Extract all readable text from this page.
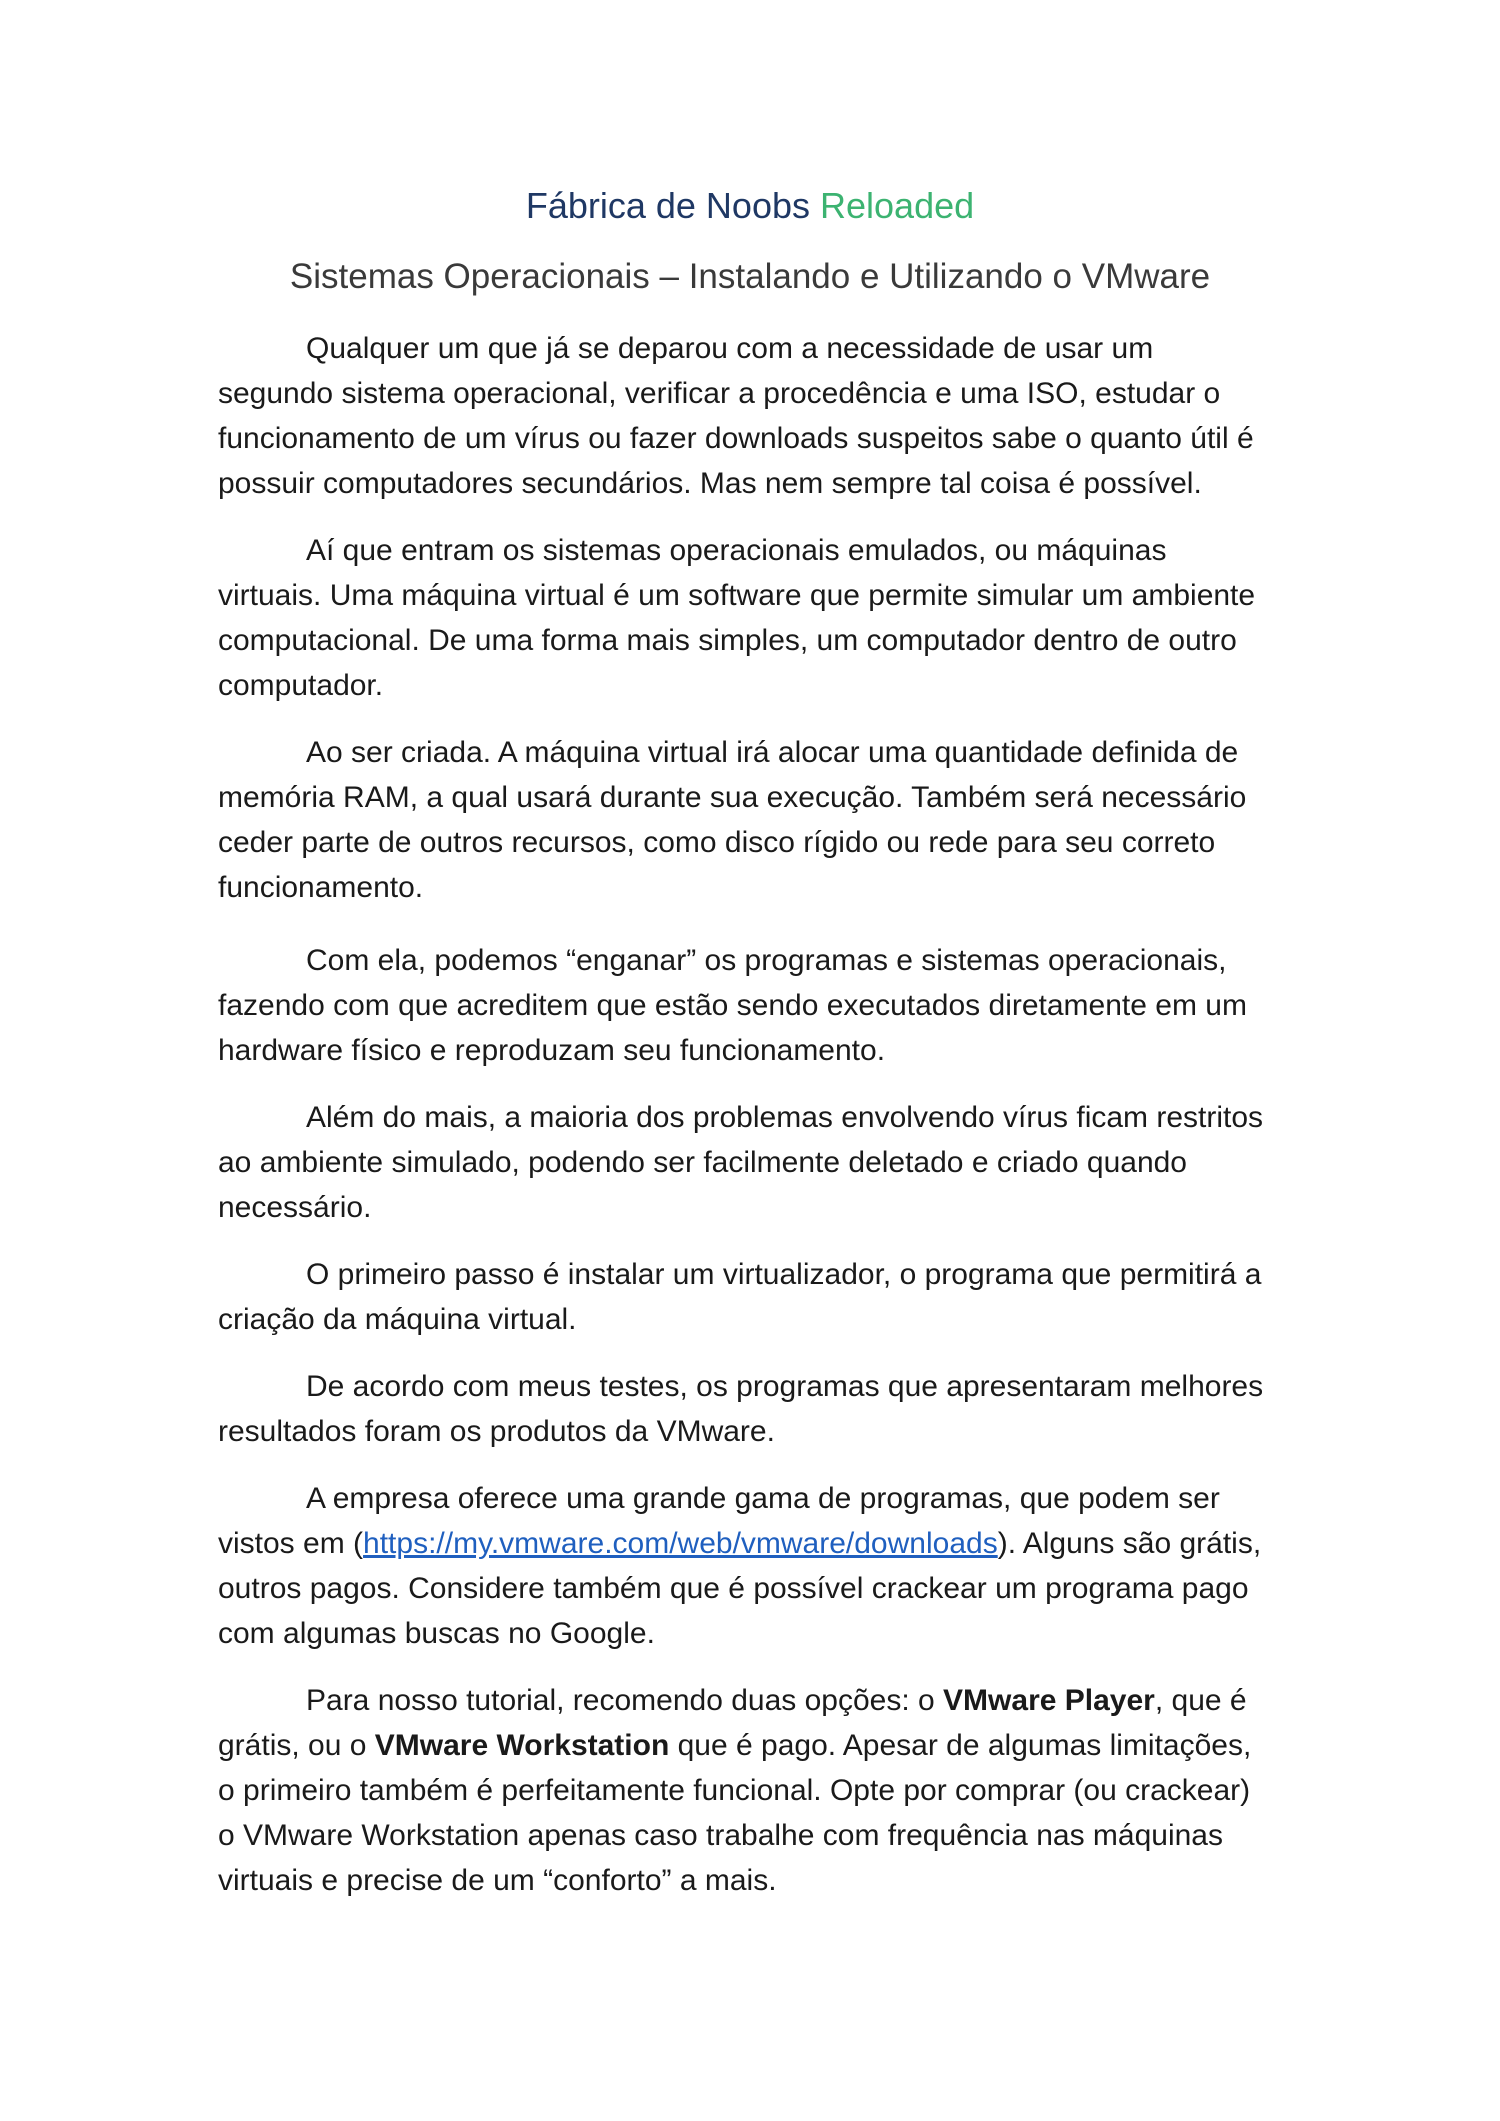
Fábrica de Noobs Reloaded
Sistemas Operacionais – Instalando e Utilizando o VMware

Qualquer um que já se deparou com a necessidade de usar um segundo sistema operacional, verificar a procedência e uma ISO, estudar o funcionamento de um vírus ou fazer downloads suspeitos sabe o quanto útil é possuir computadores secundários. Mas nem sempre tal coisa é possível.

Aí que entram os sistemas operacionais emulados, ou máquinas virtuais. Uma máquina virtual é um software que permite simular um ambiente computacional. De uma forma mais simples, um computador dentro de outro computador.

Ao ser criada. A máquina virtual irá alocar uma quantidade definida de memória RAM, a qual usará durante sua execução. Também será necessário ceder parte de outros recursos, como disco rígido ou rede para seu correto funcionamento.

Com ela, podemos “enganar” os programas e sistemas operacionais, fazendo com que acreditem que estão sendo executados diretamente em um hardware físico e reproduzam seu funcionamento.

Além do mais, a maioria dos problemas envolvendo vírus ficam restritos ao ambiente simulado, podendo ser facilmente deletado e criado quando necessário.

O primeiro passo é instalar um virtualizador, o programa que permitirá a criação da máquina virtual.

De acordo com meus testes, os programas que apresentaram melhores resultados foram os produtos da VMware.

A empresa oferece uma grande gama de programas, que podem ser vistos em (https://my.vmware.com/web/vmware/downloads). Alguns são grátis, outros pagos. Considere também que é possível crackear um programa pago com algumas buscas no Google.

Para nosso tutorial, recomendo duas opções: o VMware Player, que é grátis, ou o VMware Workstation que é pago. Apesar de algumas limitações, o primeiro também é perfeitamente funcional. Opte por comprar (ou crackear) o VMware Workstation apenas caso trabalhe com frequência nas máquinas virtuais e precise de um “conforto” a mais.
